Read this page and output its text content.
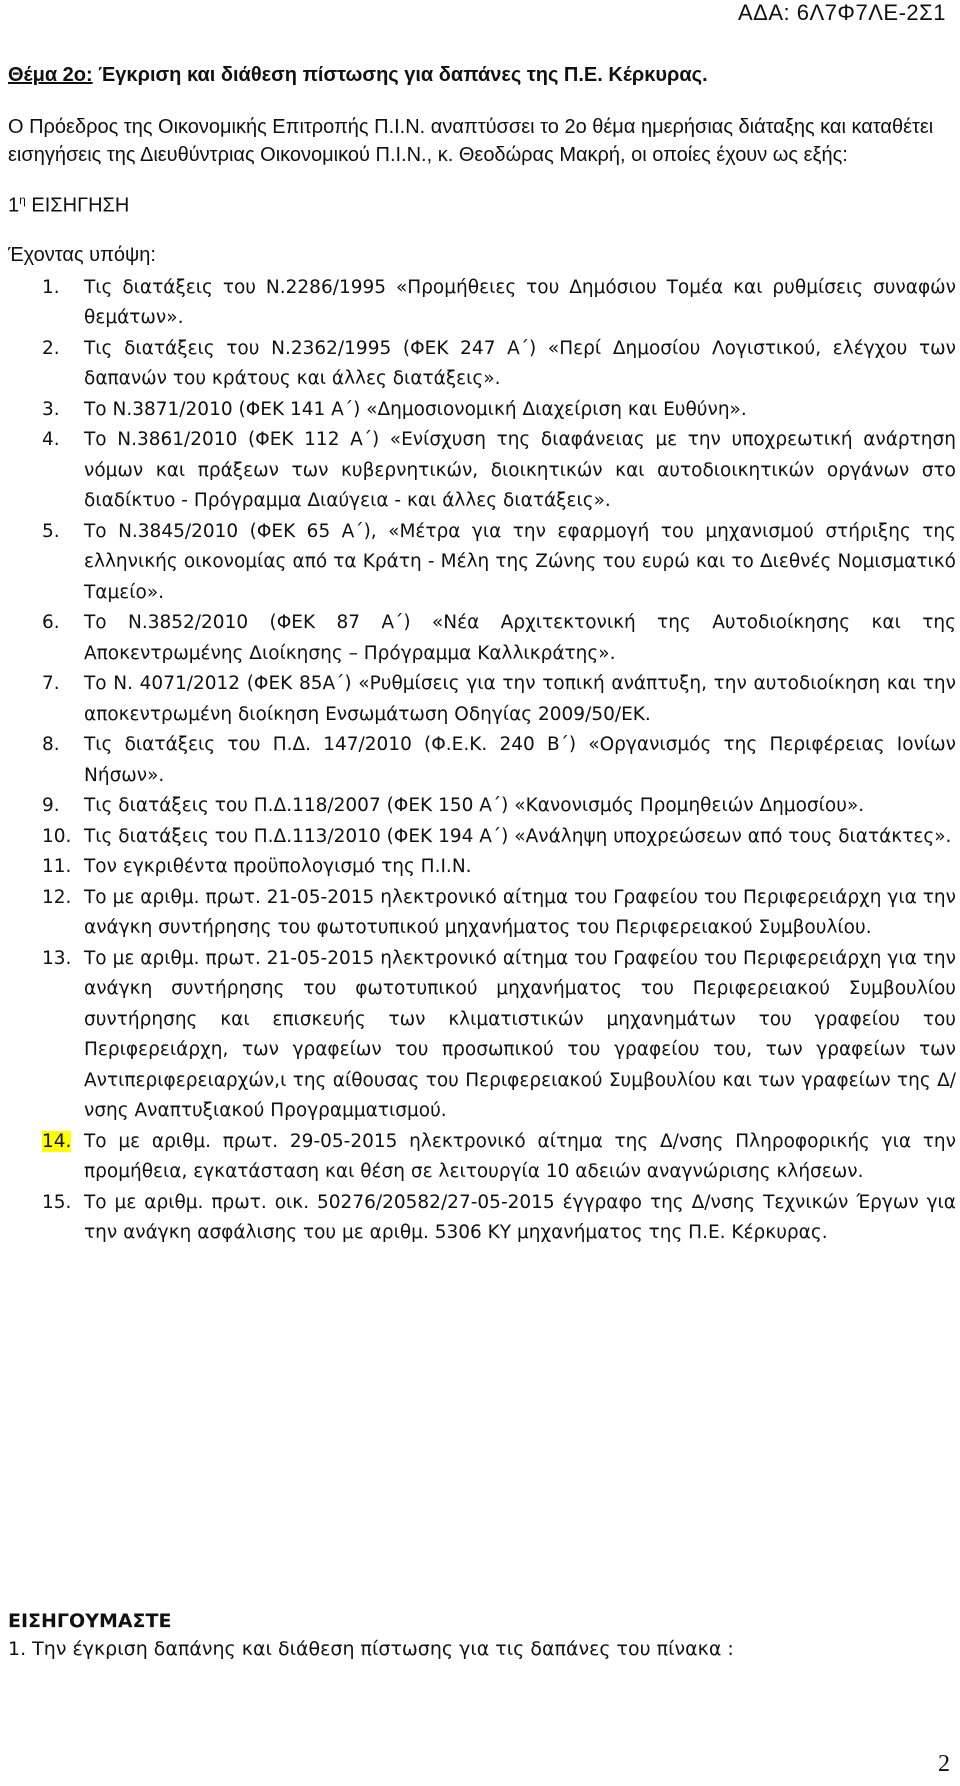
ΑΔΑ: 6Λ7Φ7ΛΕ-2Σ1

Θέμα 2ο: Έγκριση και διάθεση πίστωσης για δαπάνες της Π.Ε. Κέρκυρας.

Ο Πρόεδρος της Οικονομικής Επιτροπής Π.Ι.Ν. αναπτύσσει το 2ο θέμα ημερήσιας διάταξης και καταθέτει εισηγήσεις της Διευθύντριας Οικονομικού Π.Ι.Ν., κ. Θεοδώρας Μακρή, οι οποίες έχουν ως εξής:

$1^\eta$ ΕΙΣΗΓΗΣΗ

Έχοντας υπόψη:

1.	Τις διατάξεις του Ν.2286/1995 «Προμήθειες του Δημόσιου Τομέα και ρυθμίσεις συναφών θεμάτων».
2.	Τις διατάξεις του Ν.2362/1995 (ΦΕΚ 247 Α΄) «Περί Δημοσίου Λογιστικού, ελέγχου των δαπανών του κράτους και άλλες διατάξεις».
3.	Το Ν.3871/2010 (ΦΕΚ 141 Α΄) «Δημοσιονομική Διαχείριση και Ευθύνη».
4.	Το Ν.3861/2010 (ΦΕΚ 112 Α΄) «Ενίσχυση της διαφάνειας με την υποχρεωτική ανάρτηση νόμων και πράξεων των κυβερνητικών, διοικητικών και αυτοδιοικητικών οργάνων στο διαδίκτυο - Πρόγραμμα Διαύγεια - και άλλες διατάξεις».
5.	Το Ν.3845/2010 (ΦΕΚ 65 Α΄), «Μέτρα για την εφαρμογή του μηχανισμού στήριξης της ελληνικής οικονομίας από τα Κράτη - Μέλη της Ζώνης του ευρώ και το Διεθνές Νομισματικό Ταμείο».
6.	Το Ν.3852/2010 (ΦΕΚ 87 Α΄) «Νέα Αρχιτεκτονική της Αυτοδιοίκησης και της Αποκεντρωμένης Διοίκησης – Πρόγραμμα Καλλικράτης».
7.	Το Ν. 4071/2012 (ΦΕΚ 85Α΄) «Ρυθμίσεις για την τοπική ανάπτυξη, την αυτοδιοίκηση και την αποκεντρωμένη διοίκηση Ενσωμάτωση Οδηγίας 2009/50/ΕΚ.
8.	Τις διατάξεις του Π.Δ. 147/2010 (Φ.Ε.Κ. 240 Β΄) «Οργανισμός της Περιφέρειας Ιονίων Νήσων».
9.	Τις διατάξεις του Π.Δ.118/2007 (ΦΕΚ 150 Α΄) «Κανονισμός Προμηθειών Δημοσίου».
10. Τις διατάξεις του Π.Δ.113/2010 (ΦΕΚ 194 Α΄) «Ανάληψη υποχρεώσεων από τους διατάκτες».
11. Τον εγκριθέντα προϋπολογισμό της Π.Ι.Ν.
12. Το με αριθμ. πρωτ. 21-05-2015 ηλεκτρονικό αίτημα του Γραφείου του Περιφερειάρχη για την ανάγκη συντήρησης του φωτοτυπικού μηχανήματος του Περιφερειακού Συμβουλίου.
13. Το με αριθμ. πρωτ. 21-05-2015 ηλεκτρονικό αίτημα του Γραφείου του Περιφερειάρχη για την ανάγκη συντήρησης του φωτοτυπικού μηχανήματος του Περιφερειακού Συμβουλίου συντήρησης και επισκευής των κλιματιστικών μηχανημάτων του γραφείου του Περιφερειάρχη, των γραφείων του προσωπικού του γραφείου του, των γραφείων των Αντιπεριφερειαρχών,ι της αίθουσας του Περιφερειακού Συμβουλίου και των γραφείων της Δ/νσης Αναπτυξιακού Προγραμματισμού.
14. Το με αριθμ. πρωτ. 29-05-2015 ηλεκτρονικό αίτημα της Δ/νσης Πληροφορικής για την προμήθεια, εγκατάσταση και θέση σε λειτουργία 10 αδειών αναγνώρισης κλήσεων.
15. Το με αριθμ. πρωτ. οικ. 50276/20582/27-05-2015 έγγραφο της Δ/νσης Τεχνικών Έργων για την ανάγκη ασφάλισης του με αριθμ. 5306 ΚΥ μηχανήματος της Π.Ε. Κέρκυρας.
ΕΙΣΗΓΟΥΜΑΣΤΕ
1. Την έγκριση δαπάνης και διάθεση πίστωσης για τις δαπάνες του πίνακα :
2
